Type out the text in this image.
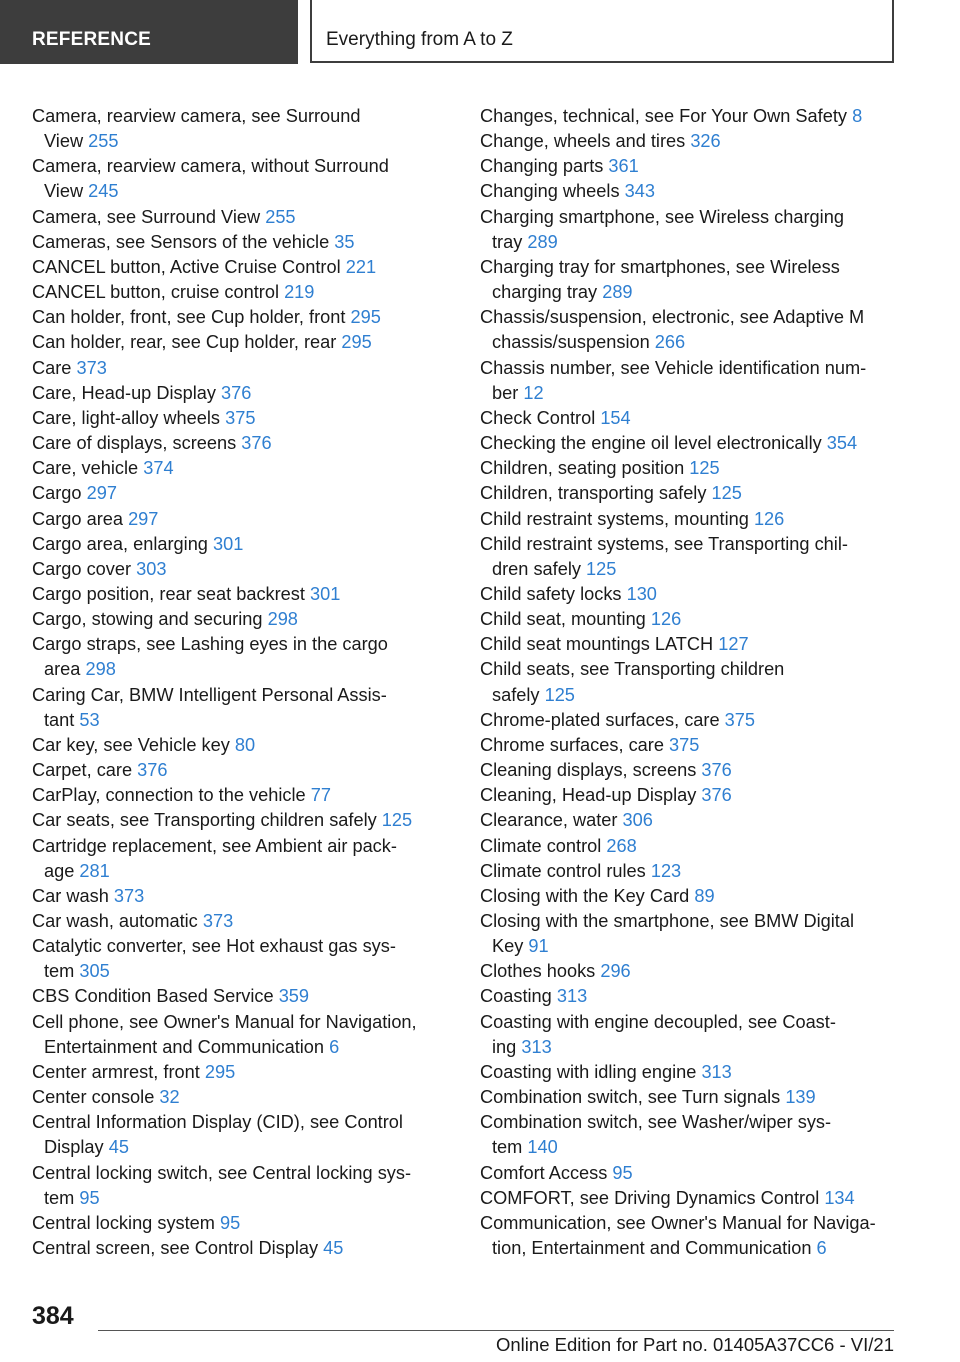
REFERENCE	Everything from A to Z
Camera, rearview camera, see Surround
View 255
Camera, rearview camera, without Surround
View 245
Camera, see Surround View 255
Cameras, see Sensors of the vehicle 35
CANCEL button, Active Cruise Control 221
CANCEL button, cruise control 219
Can holder, front, see Cup holder, front 295
Can holder, rear, see Cup holder, rear 295
Care 373
Care, Head-up Display 376
Care, light-alloy wheels 375
Care of displays, screens 376
Care, vehicle 374
Cargo 297
Cargo area 297
Cargo area, enlarging 301
Cargo cover 303
Cargo position, rear seat backrest 301
Cargo, stowing and securing 298
Cargo straps, see Lashing eyes in the cargo
area 298
Caring Car, BMW Intelligent Personal Assis-
tant 53
Car key, see Vehicle key 80
Carpet, care 376
CarPlay, connection to the vehicle 77
Car seats, see Transporting children safely 125
Cartridge replacement, see Ambient air pack-
age 281
Car wash 373
Car wash, automatic 373
Catalytic converter, see Hot exhaust gas sys-
tem 305
CBS Condition Based Service 359
Cell phone, see Owner's Manual for Navigation,
Entertainment and Communication 6
Center armrest, front 295
Center console 32
Central Information Display (CID), see Control
Display 45
Central locking switch, see Central locking sys-
tem 95
Central locking system 95
Central screen, see Control Display 45
Changes, technical, see For Your Own Safety 8
Change, wheels and tires 326
Changing parts 361
Changing wheels 343
Charging smartphone, see Wireless charging
tray 289
Charging tray for smartphones, see Wireless
charging tray 289
Chassis/suspension, electronic, see Adaptive M
chassis/suspension 266
Chassis number, see Vehicle identification num-
ber 12
Check Control 154
Checking the engine oil level electronically 354
Children, seating position 125
Children, transporting safely 125
Child restraint systems, mounting 126
Child restraint systems, see Transporting chil-
dren safely 125
Child safety locks 130
Child seat, mounting 126
Child seat mountings LATCH 127
Child seats, see Transporting children
safely 125
Chrome-plated surfaces, care 375
Chrome surfaces, care 375
Cleaning displays, screens 376
Cleaning, Head-up Display 376
Clearance, water 306
Climate control 268
Climate control rules 123
Closing with the Key Card 89
Closing with the smartphone, see BMW Digital
Key 91
Clothes hooks 296
Coasting 313
Coasting with engine decoupled, see Coast-
ing 313
Coasting with idling engine 313
Combination switch, see Turn signals 139
Combination switch, see Washer/wiper sys-
tem 140
Comfort Access 95
COMFORT, see Driving Dynamics Control 134
Communication, see Owner's Manual for Naviga-
tion, Entertainment and Communication 6
384
Online Edition for Part no. 01405A37CC6 - VI/21
